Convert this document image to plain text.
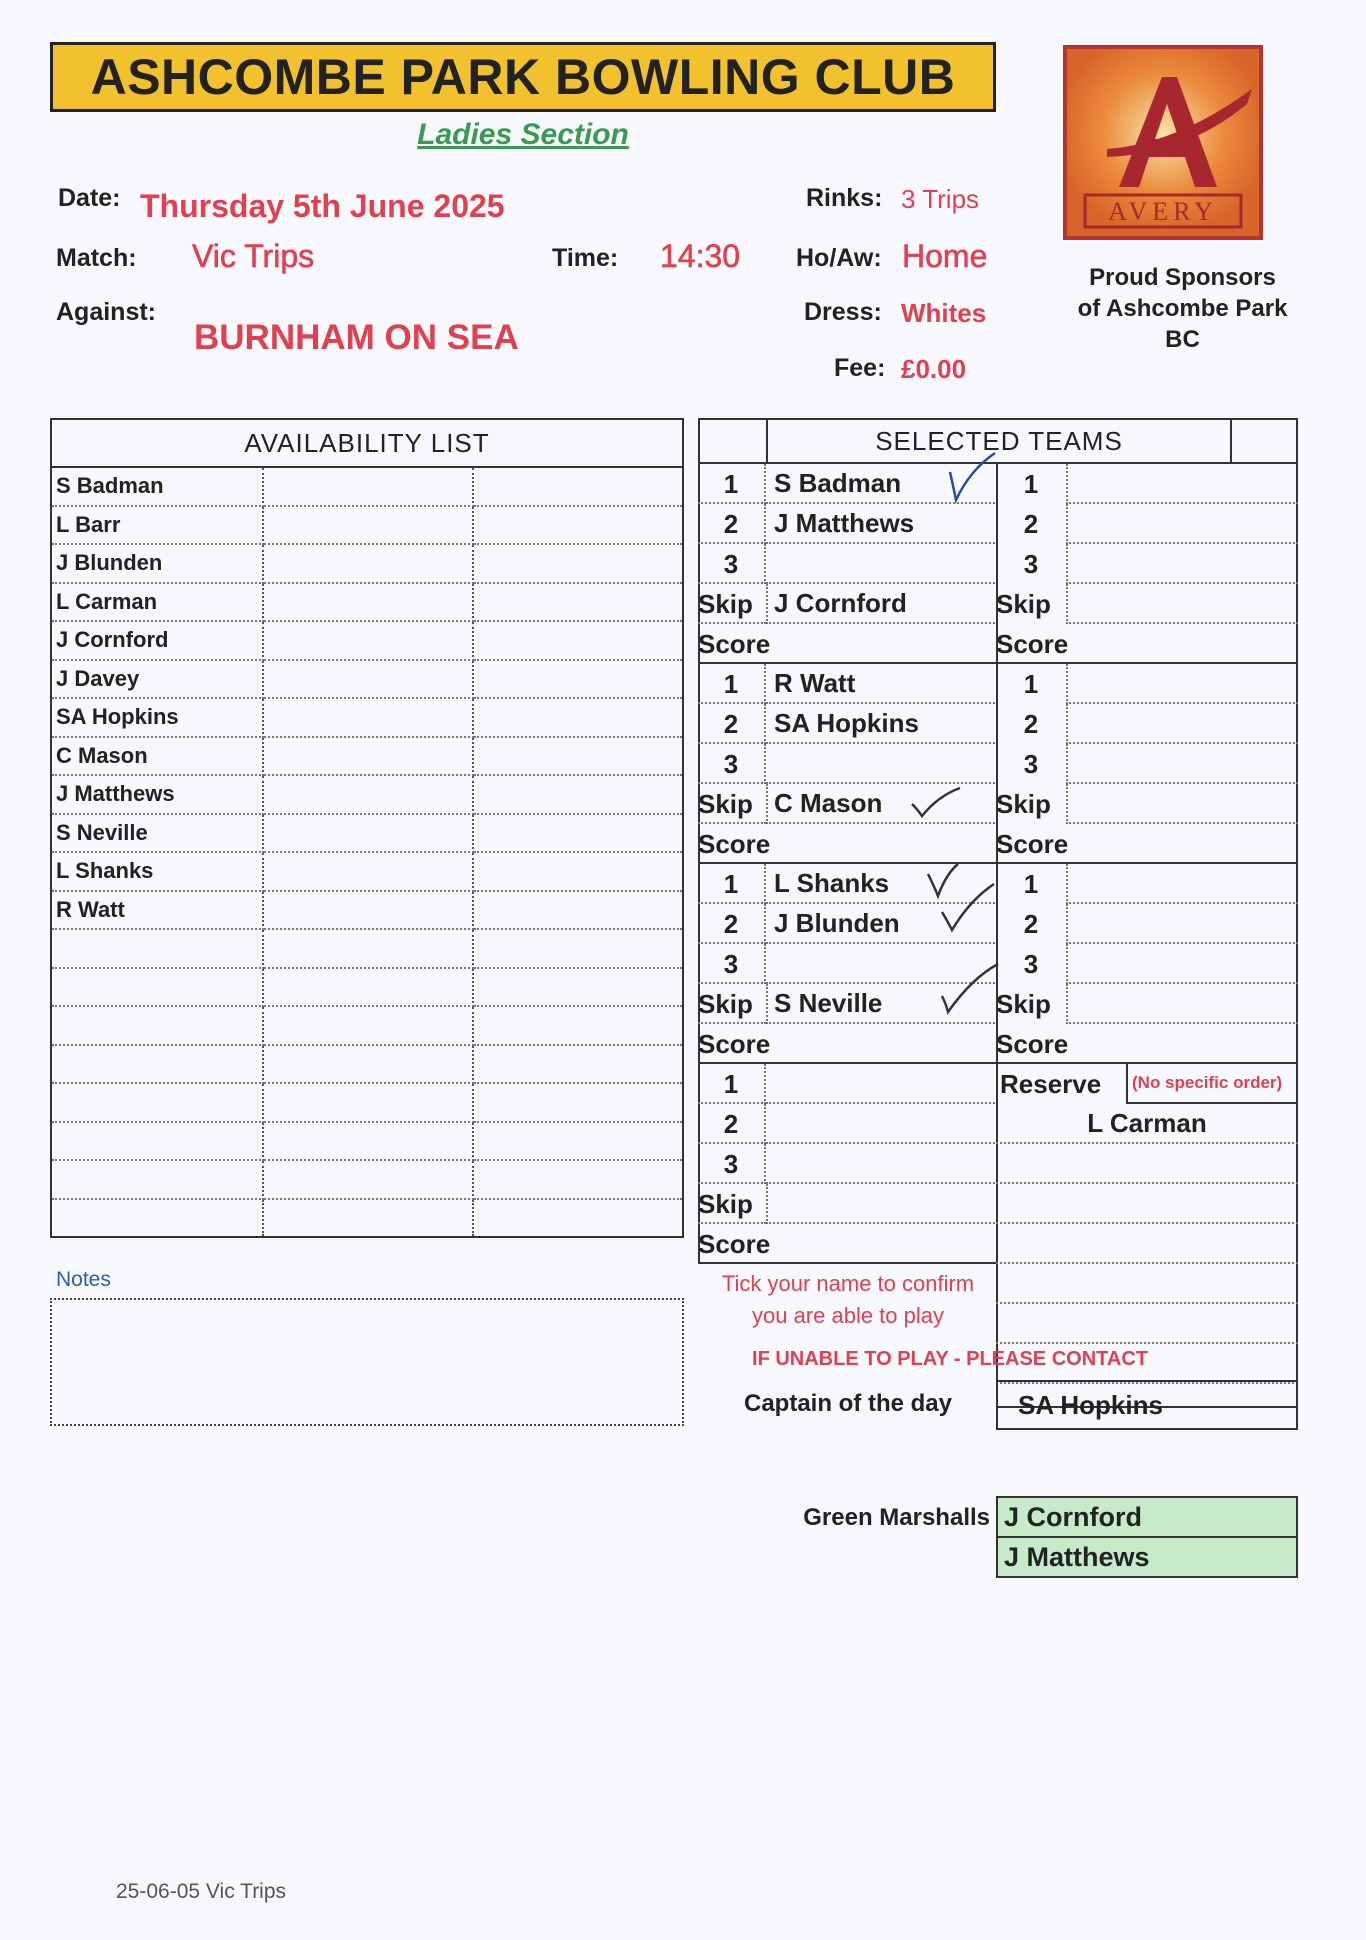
ASHCOMBE PARK BOWLING CLUB
Ladies Section
Date: Thursday 5th June 2025
Match: Vic Trips	Time: 14:30
Against:
BURNHAM ON SEA
Rinks: 3 Trips
Ho/Aw: Home
Dress: Whites
Fee: £0.00
AVERY
Proud Sponsors
of Ashcombe Park
BC
AVAILABILITY LIST		
S Badman		
L Barr		
J Blunden		
L Carman		
J Cornford		
J Davey		
SA Hopkins		
C Mason		
J Matthews		
S Neville		
L Shanks		
R Watt		

SELECTED TEAMS
1	S Badman
2	J Matthews
3
Skip J Cornford
Score
1	R Watt
2	SA Hopkins
3
Skip C Mason
Score
1	L Shanks
2	J Blunden
3
Skip S Neville
Score
1
2
3
Skip
Score
1
2
3
Skip
Score
1
2
3
Skip
Score
1
2
3
Skip
Score
Reserve	(No specific order)
L Carman
Notes	Tick your name to confirm
you are able to play
IF UNABLE TO PLAY - PLEASE CONTACT
Captain of the day	SA Hopkins
Green Marshalls J Cornford
J Matthews
25-06-05 Vic Trips
